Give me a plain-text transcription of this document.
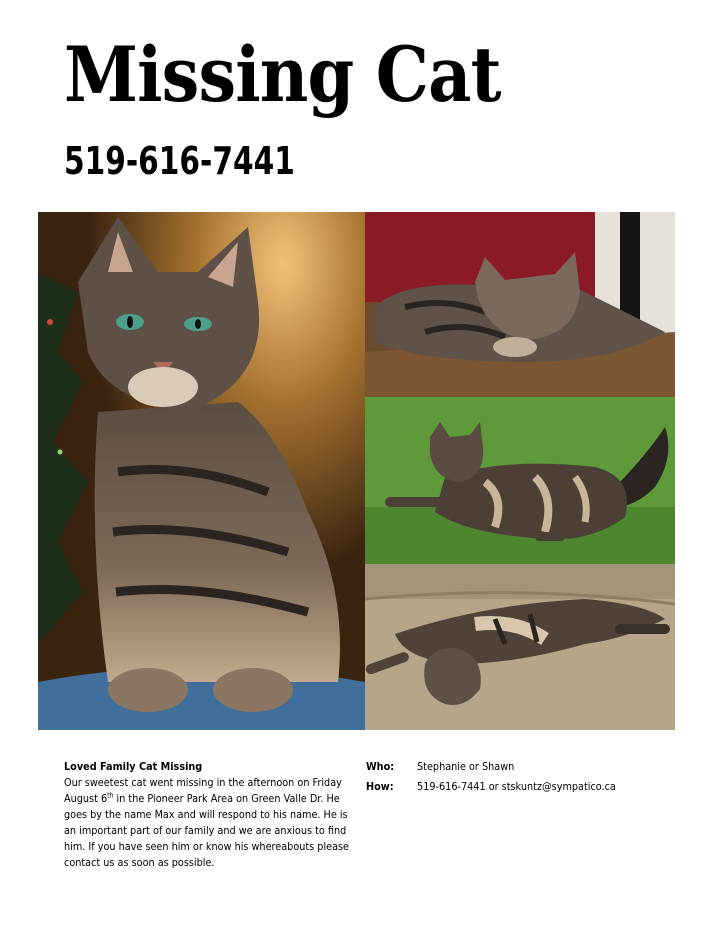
Missing Cat
519-616-7441
Loved Family Cat Missing
Our sweetest cat went missing in the afternoon on Friday August 6th in the Pioneer Park Area on Green Valle Dr. He goes by the name Max and will respond to his name. He is an important part of our family and we are anxious to find him. If you have seen him or know his whereabouts please contact us as soon as possible.
Who:	Stephanie or Shawn
How:	519-616-7441 or stskuntz@sympatico.ca
